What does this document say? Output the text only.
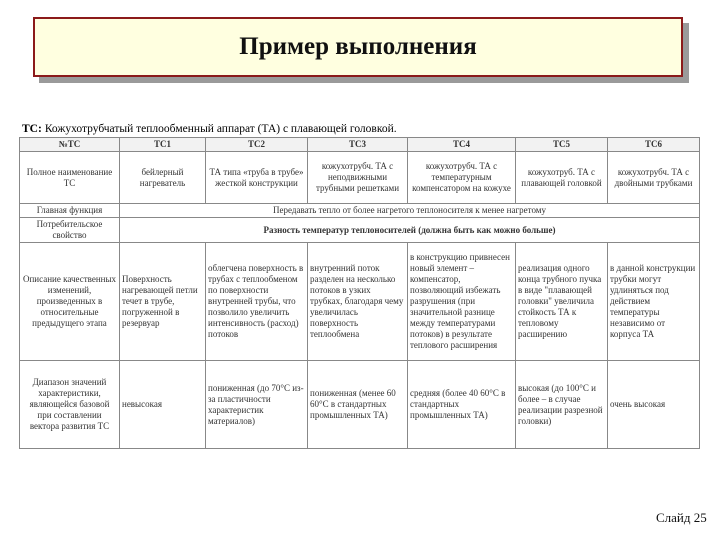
Пример выполнения
ТС: Кожухотрубчатый теплообменный аппарат (ТА) с плавающей головкой.
№ТС	ТС1	ТС2	ТС3	ТС4	ТС5	ТС6
Полное наименование ТС	бейлерный нагреватель	ТА типа «труба в трубе» жесткой конструкции	кожухотрубч. ТА с неподвижными трубными решетками	кожухотрубч. ТА с температурным компенсатором на кожухе	кожухотруб. ТА с плавающей головкой	кожухотрубч. ТА с двойными трубками
Главная функция	Передавать тепло от более нагретого теплоносителя к менее нагретому					
Потребительское свойство	Разность температур теплоносителей (должна быть как можно больше)					
Описание качественных изменений, произведенных в относительные предыдущего этапа	Поверхность нагревающей петли течет в трубе, погруженной в резервуар	облегчена поверхность в трубах с теплообменом по поверхности внутренней трубы, что позволило увеличить интенсивность (расход) потоков	внутренний поток разделен на несколько потоков в узких трубках, благодаря чему увеличилась поверхность теплообмена	в конструкцию привнесен новый элемент – компенсатор, позволяющий избежать разрушения (при значительной разнице между температурами потоков) в результате теплового расширения	реализация одного конца трубного пучка в виде "плавающей головки" увеличила стойкость ТА к тепловому расширению	в данной конструкции трубки могут удлиняться под действием температуры независимо от корпуса ТА
Диапазон значений характеристики, являющейся базовой при составлении вектора развития ТС	невысокая	пониженная (до 70°С из-за пластичности характеристик материалов)	пониженная (менее 60 60°С в стандартных промышленных ТА)	средняя (более 40 60°С в стандартных промышленных ТА)	высокая (до 100°С и более – в случае реализации разрезной головки)	очень высокая
Слайд 25
